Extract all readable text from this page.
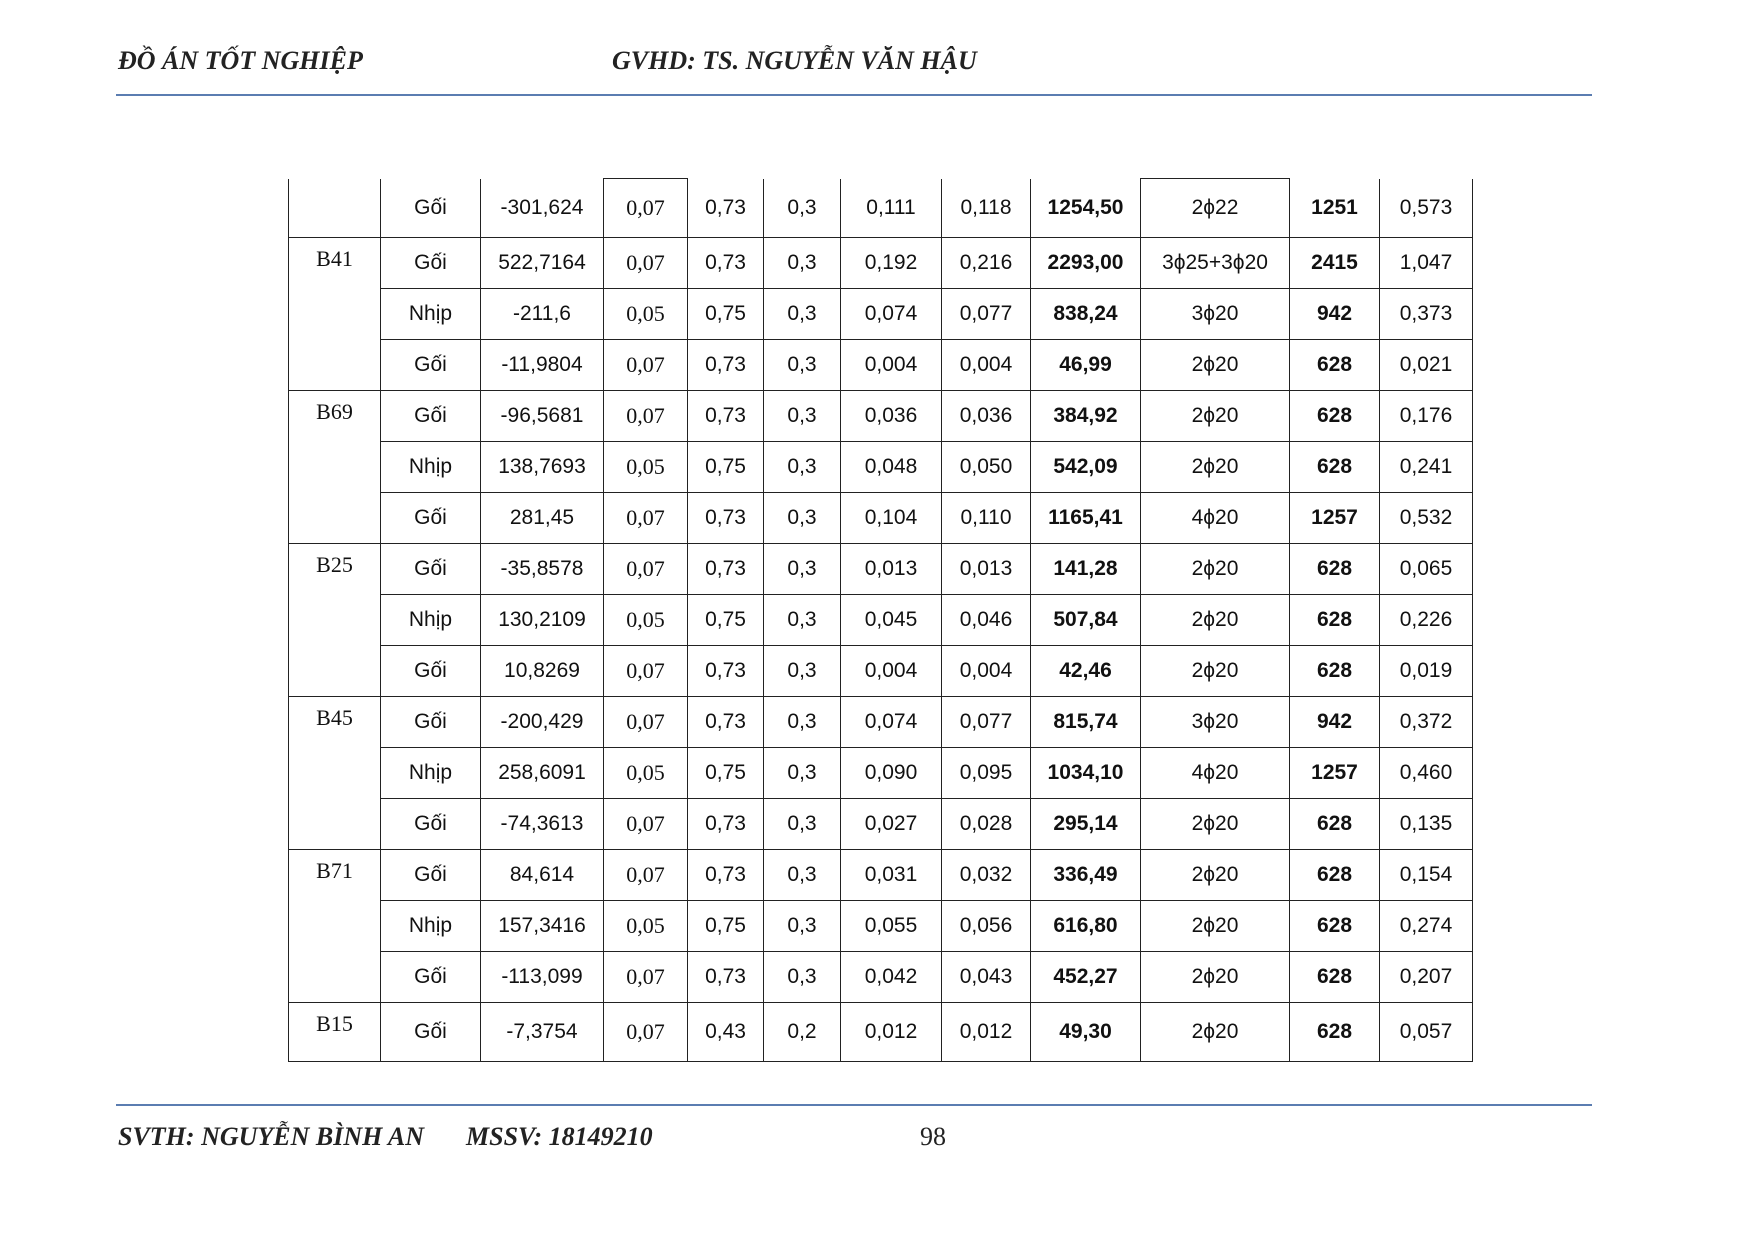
ĐỒ ÁN TỐT NGHIỆP	GVHD: TS. NGUYỄN VĂN HẬU
	Gối	-301,624	0,07	0,73	0,3	0,111	0,118	1254,50	2ϕ22	1251	0,573
B41	Gối	522,7164	0,07	0,73	0,3	0,192	0,216	2293,00	3ϕ25+3ϕ20	2415	1,047
	Nhịp	-211,6	0,05	0,75	0,3	0,074	0,077	838,24	3ϕ20	942	0,373
	Gối	-11,9804	0,07	0,73	0,3	0,004	0,004	46,99	2ϕ20	628	0,021
B69	Gối	-96,5681	0,07	0,73	0,3	0,036	0,036	384,92	2ϕ20	628	0,176
	Nhịp	138,7693	0,05	0,75	0,3	0,048	0,050	542,09	2ϕ20	628	0,241
	Gối	281,45	0,07	0,73	0,3	0,104	0,110	1165,41	4ϕ20	1257	0,532
B25	Gối	-35,8578	0,07	0,73	0,3	0,013	0,013	141,28	2ϕ20	628	0,065
	Nhịp	130,2109	0,05	0,75	0,3	0,045	0,046	507,84	2ϕ20	628	0,226
	Gối	10,8269	0,07	0,73	0,3	0,004	0,004	42,46	2ϕ20	628	0,019
B45	Gối	-200,429	0,07	0,73	0,3	0,074	0,077	815,74	3ϕ20	942	0,372
	Nhịp	258,6091	0,05	0,75	0,3	0,090	0,095	1034,10	4ϕ20	1257	0,460
	Gối	-74,3613	0,07	0,73	0,3	0,027	0,028	295,14	2ϕ20	628	0,135
B71	Gối	84,614	0,07	0,73	0,3	0,031	0,032	336,49	2ϕ20	628	0,154
	Nhịp	157,3416	0,05	0,75	0,3	0,055	0,056	616,80	2ϕ20	628	0,274
	Gối	-113,099	0,07	0,73	0,3	0,042	0,043	452,27	2ϕ20	628	0,207
B15	Gối	-7,3754	0,07	0,43	0,2	0,012	0,012	49,30	2ϕ20	628	0,057
SVTH: NGUYỄN BÌNH AN MSSV: 18149210	98
